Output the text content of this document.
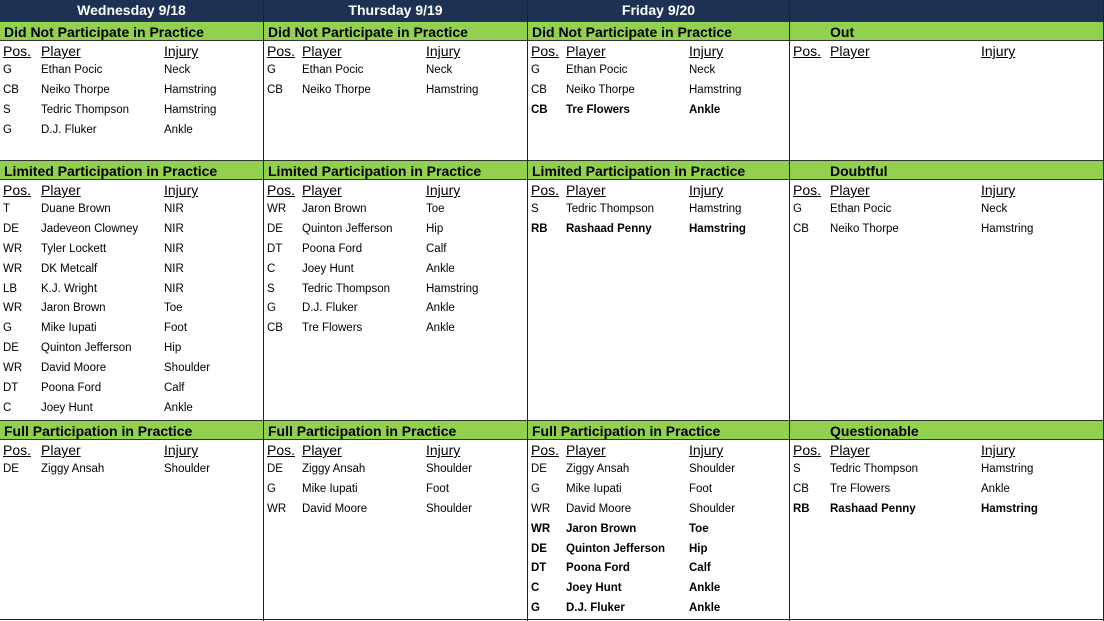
Wednesday 9/18
Did Not Participate in Practice
Pos. Player	Injury
G	Ethan Pocic	Neck
CB Neiko Thorpe	Hamstring
S	Tedric Thompson	Hamstring
G	D.J. Fluker	Ankle
Limited Participation in Practice
Pos. Player	Injury
T	Duane Brown	NIR
DE Jadeveon Clowney NIR
WR Tyler Lockett	NIR
WR DK Metcalf	NIR
LB K.J. Wright	NIR
WR Jaron Brown	Toe
G	Mike Iupati	Foot
DE Quinton Jefferson	Hip
WR David Moore	Shoulder
DT Poona Ford	Calf
C	Joey Hunt	Ankle
Full Participation in Practice
Pos. Player	Injury
DE Ziggy Ansah	Shoulder
Thursday 9/19
Did Not Participate in Practice
Pos. Player	Injury
G Ethan Pocic	Neck
CB Neiko Thorpe	Hamstring
Limited Participation in Practice
Pos. Player	Injury
WR Jaron Brown	Toe
DE Quinton Jefferson	Hip
DT Poona Ford	Calf
C Joey Hunt	Ankle
S Tedric Thompson	Hamstring
G D.J. Fluker	Ankle
CB Tre Flowers	Ankle
Full Participation in Practice
Pos. Player	Injury
DE Ziggy Ansah	Shoulder
G Mike Iupati	Foot
WR David Moore	Shoulder
Friday 9/20
Did Not Participate in Practice
Pos. Player	Injury
G Ethan Pocic	Neck
CB Neiko Thorpe	Hamstring
CB Tre Flowers	Ankle
Limited Participation in Practice
Pos. Player	Injury
S Tedric Thompson	Hamstring
RB Rashaad Penny	Hamstring
Full Participation in Practice
Pos. Player	Injury
DE Ziggy Ansah	Shoulder
G Mike Iupati	Foot
WR David Moore	Shoulder
WR Jaron Brown	Toe
DE Quinton Jefferson Hip
DT Poona Ford	Calf
C Joey Hunt	Ankle
G D.J. Fluker	Ankle
Out
Pos. Player	Injury
Doubtful
Pos. Player	Injury
G Ethan Pocic	Neck
CB Neiko Thorpe	Hamstring
Questionable
Pos. Player	Injury
S	Tedric Thompson	Hamstring
CB Tre Flowers	Ankle
RB Rashaad Penny	Hamstring
